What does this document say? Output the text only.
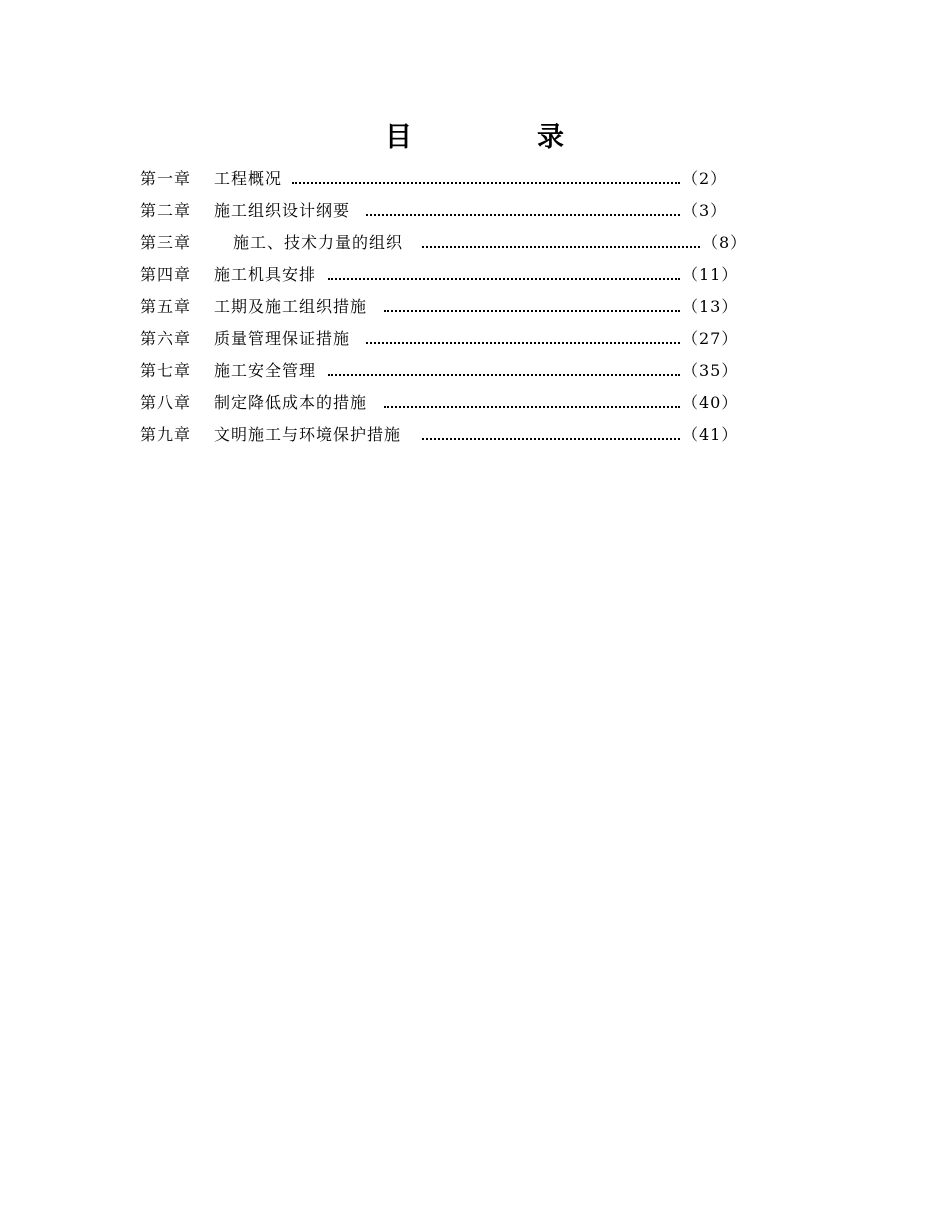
目	录
第一章 工程概况	（2）
第二章 施工组织设计纲要	（3）
第三章	施工、技术力量的组织	（8）
第四章 施工机具安排	（11）
第五章 工期及施工组织措施	（13）
第六章 质量管理保证措施	（27）
第七章 施工安全管理	（35）
第八章 制定降低成本的措施	（40）
第九章 文明施工与环境保护措施	（41）
